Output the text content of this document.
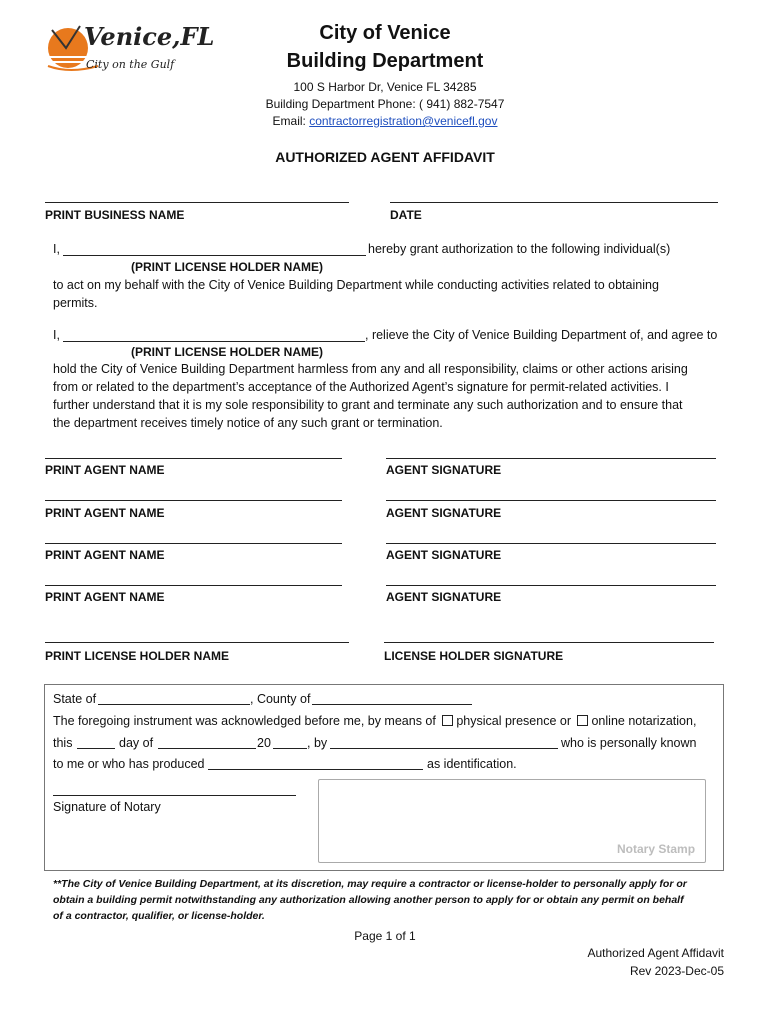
Venice,FL
City on the Gulf
City of Venice
Building Department
100 S Harbor Dr, Venice FL 34285
Building Department Phone: ( 941) 882-7547
Email: contractorregistration@venicefl.gov
AUTHORIZED AGENT AFFIDAVIT
PRINT BUSINESS NAME	DATE
I,	hereby grant authorization to the following individual(s)
(PRINT LICENSE HOLDER NAME)
to act on my behalf with the City of Venice Building Department while conducting activities related to obtaining
permits.
I,	, relieve the City of Venice Building Department of, and agree to
(PRINT LICENSE HOLDER NAME)
hold the City of Venice Building Department harmless from any and all responsibility, claims or other actions arising
from or related to the department’s acceptance of the Authorized Agent’s signature for permit-related activities. I
further understand that it is my sole responsibility to grant and terminate any such authorization and to ensure that
the department receives timely notice of any such grant or termination.
PRINT AGENT NAME	AGENT SIGNATURE
PRINT AGENT NAME	AGENT SIGNATURE
PRINT AGENT NAME	AGENT SIGNATURE
PRINT AGENT NAME	AGENT SIGNATURE
PRINT LICENSE HOLDER NAME	LICENSE HOLDER SIGNATURE
State of	, County of
The foregoing instrument was acknowledged before me, by means of physical presence or online notarization,
this	day of	20	, by	who is personally known
to me or who has produced	as identification.
Signature of Notary
Notary Stamp
**The City of Venice Building Department, at its discretion, may require a contractor or license-holder to personally apply for or
obtain a building permit notwithstanding any authorization allowing another person to apply for or obtain any permit on behalf
of a contractor, qualifier, or license-holder.
Page 1 of 1
Authorized Agent Affidavit
Rev 2023-Dec-05
